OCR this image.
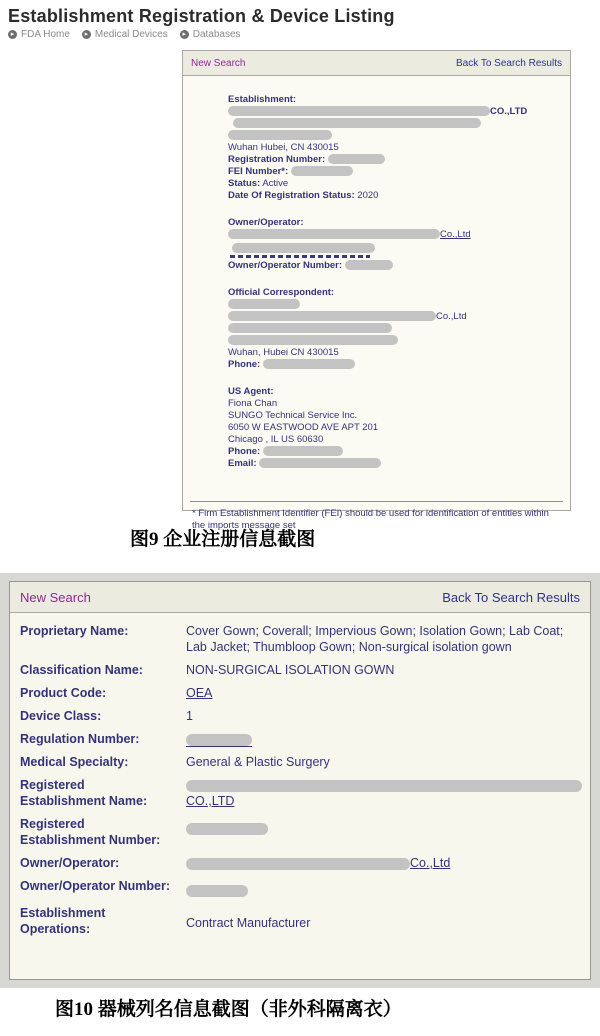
Establishment Registration & Device Listing
▸ FDA Home	▸ Medical Devices	▸ Databases
New Search	Back To Search Results
Establishment:
CO.,LTD
Wuhan Hubei, CN 430015
Registration Number:
FEI Number*:
Status: Active
Date Of Registration Status: 2020
Owner/Operator:
Co.,Ltd
Owner/Operator Number:
Official Correspondent:
Co.,Ltd
Wuhan, Hubei CN 430015
Phone:
US Agent:
Fiona Chan
SUNGO Technical Service Inc.
6050 W EASTWOOD AVE APT 201
Chicago , IL US 60630
Phone:
Email:
* Firm Establishment Identifier (FEI) should be used for identification of entities within the imports message set
图9 企业注册信息截图
New Search	Back To Search Results
Proprietary Name:	Cover Gown; Coverall; Impervious Gown; Isolation Gown; Lab Coat; Lab Jacket; Thumbloop Gown; Non-surgical isolation gown
Classification Name:	NON-SURGICAL ISOLATION GOWN
Product Code:	OEA
Device Class:	1
Regulation Number:
Medical Specialty:	General & Plastic Surgery
Registered Establishment Name:	CO.,LTD
Registered Establishment Number:
Owner/Operator:	Co.,Ltd
Owner/Operator Number:
Establishment Operations:	Contract Manufacturer
图10 器械列名信息截图（非外科隔离衣）
